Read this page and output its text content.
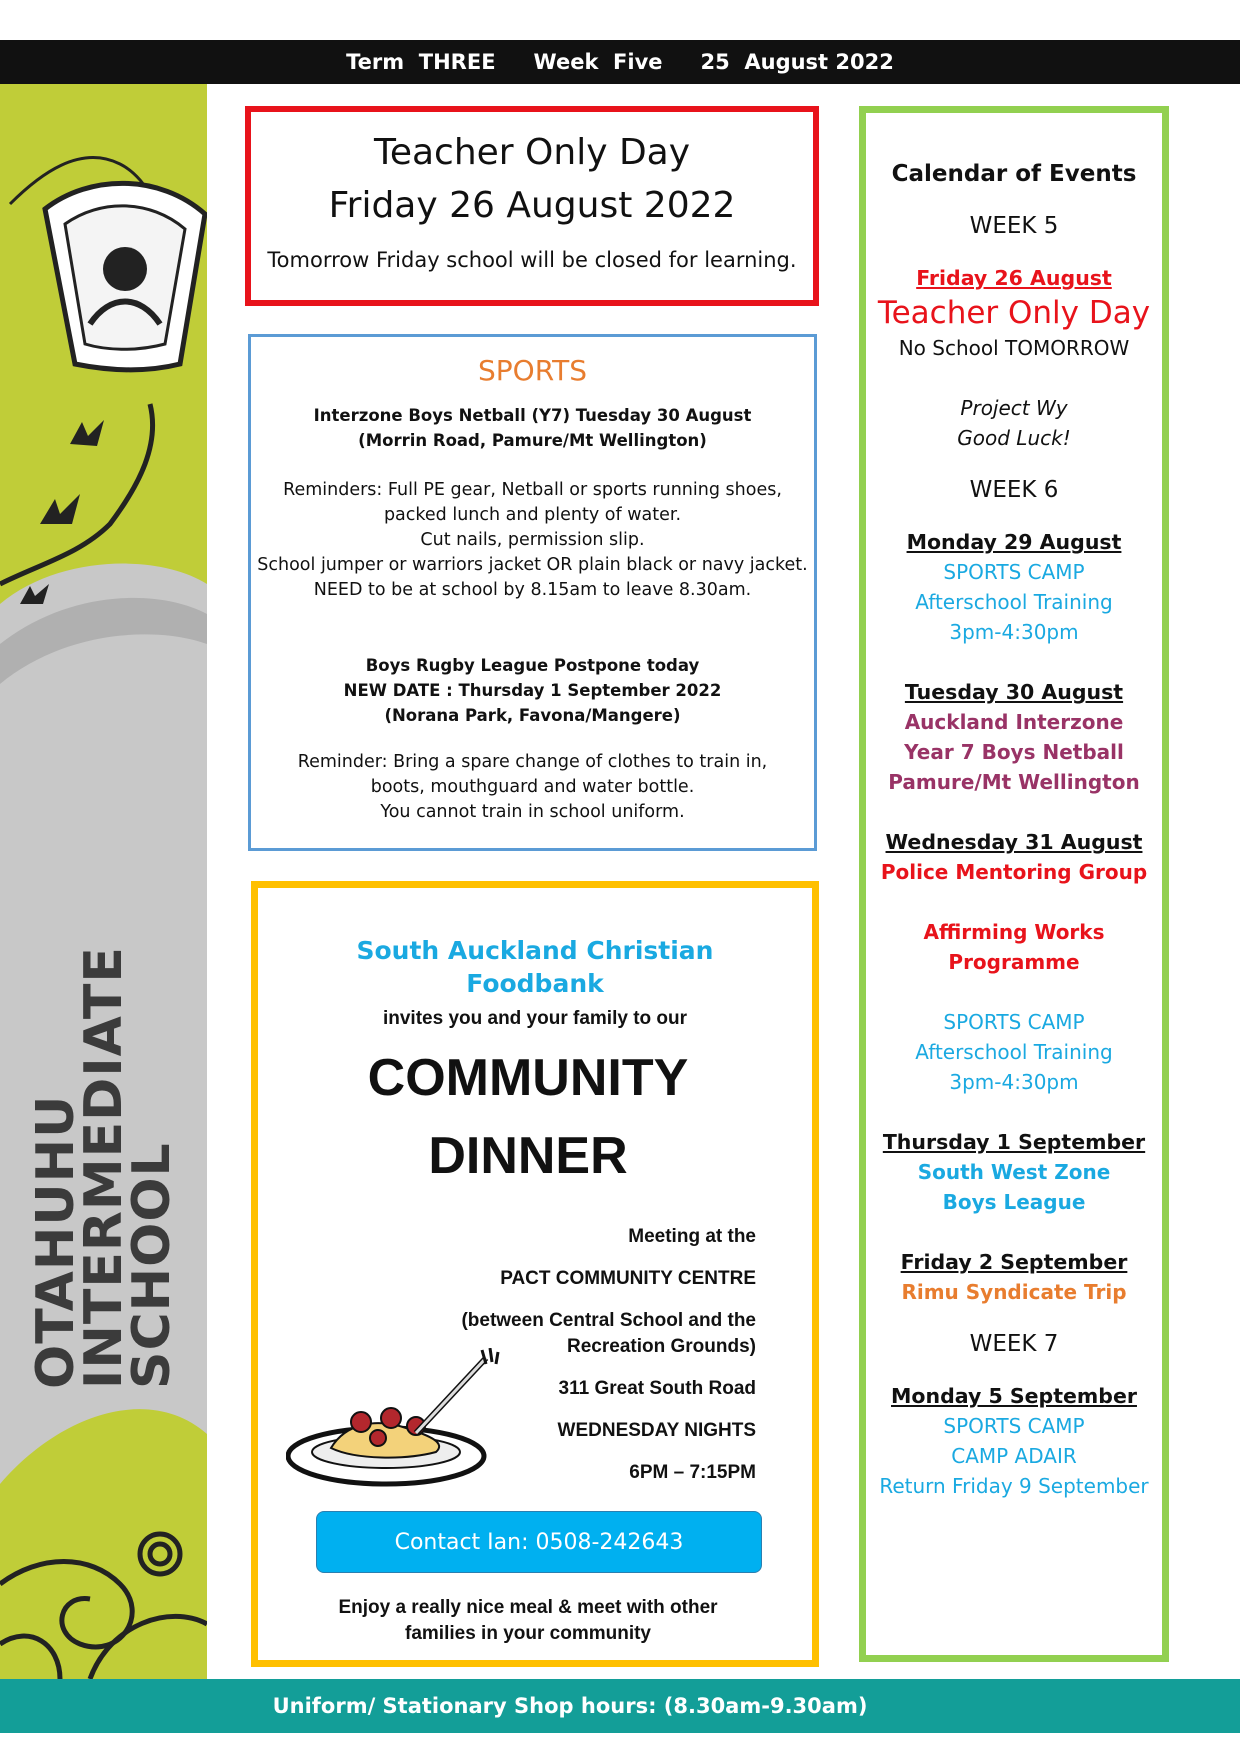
Term  THREE Week  Five 25  August 2022
OTAHUHU
INTERMEDIATE
SCHOOL
Teacher Only Day
Friday 26 August 2022
Tomorrow Friday school will be closed for learning.
SPORTS
Interzone Boys Netball (Y7) Tuesday 30 August
(Morrin Road, Pamure/Mt Wellington)
Reminders: Full PE gear, Netball or sports running shoes,
packed lunch and plenty of water.
Cut nails, permission slip.
School jumper or warriors jacket OR plain black or navy jacket.
NEED to be at school by 8.15am to leave 8.30am.
Boys Rugby League Postpone today
NEW DATE : Thursday 1 September 2022
(Norana Park, Favona/Mangere)
Reminder: Bring a spare change of clothes to train in,
boots, mouthguard and water bottle.
You cannot train in school uniform.
South Auckland Christian
Foodbank
invites you and your family to our
COMMUNITY
DINNER
Meeting at the
PACT COMMUNITY CENTRE
(between Central School and the
Recreation Grounds)
311 Great South Road
WEDNESDAY NIGHTS
6PM – 7:15PM
Contact Ian: 0508-242643
Enjoy a really nice meal & meet with other
families in your community
Calendar of Events
WEEK 5
Friday 26 August
Teacher Only Day
No School TOMORROW
Project Wy
Good Luck!
WEEK 6
Monday 29 August
SPORTS CAMP
Afterschool Training
3pm-4:30pm
Tuesday 30 August
Auckland Interzone
Year 7 Boys Netball
Pamure/Mt Wellington
Wednesday 31 August
Police Mentoring Group
Affirming Works
Programme
SPORTS CAMP
Afterschool Training
3pm-4:30pm
Thursday 1 September
South West Zone
Boys League
Friday 2 September
Rimu Syndicate Trip
WEEK 7
Monday 5 September
SPORTS CAMP
CAMP ADAIR
Return Friday 9 September
Uniform/ Stationary Shop hours: (8.30am-9.30am)
